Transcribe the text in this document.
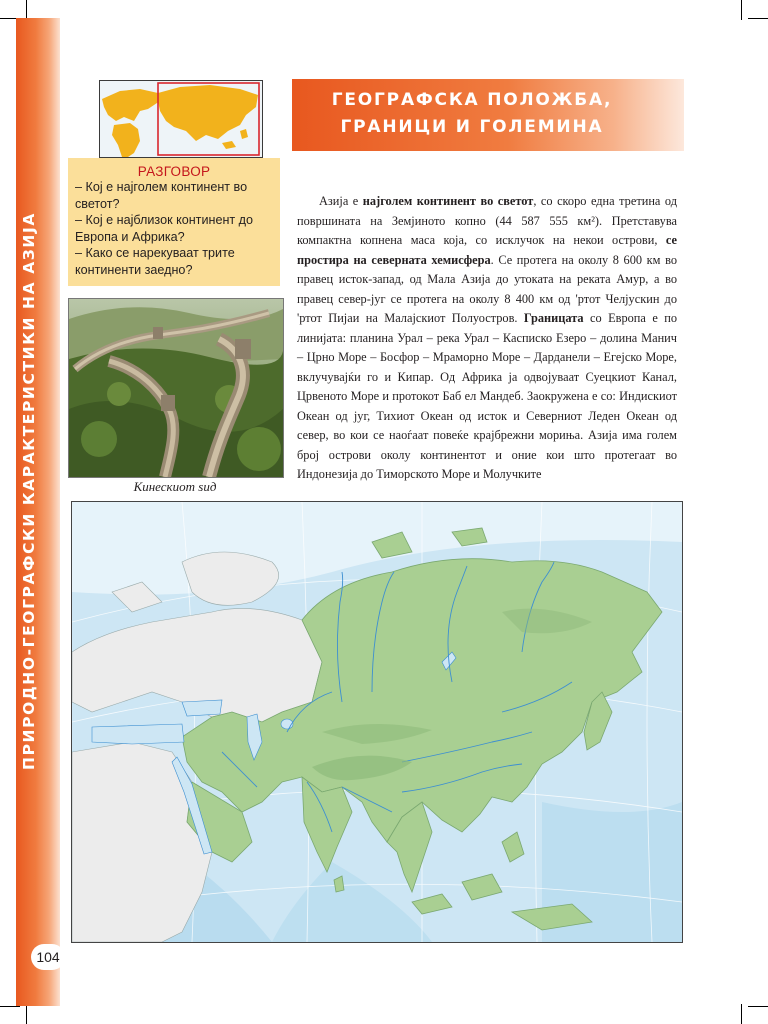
ПРИРОДНО-ГЕОГРАФСКИ КАРАКТЕРИСТИКИ НА АЗИЈА
104
ГЕОГРАФСКА ПОЛОЖБА,
ГРАНИЦИ И ГОЛЕМИНА
РАЗГОВОР
– Кој е најголем континент во светот?
– Кој е најблизок континент до Европа и Африка?
– Како се нарекуваат трите континенти заедно?
Кинескиот ѕид

Азија е најголем континент во светот, со скоро една третина од површината на Земјиното копно (44 587 555 км²). Претставува компактна копнена маса која, со исклучок на некои острови, се простира на северната хемисфера. Се протега на околу 8 600 км во правец исток-запад, од Мала Азија до утоката на реката Амур, а во правец север-југ се протега на околу 8 400 км од 'ртот Челјускин до 'ртот Пијаи на Малајскиот Полуостров. Границата со Европа е по линијата: планина Урал – река Урал – Касписко Езеро – долина Манич – Црно Море – Босфор – Мраморно Море – Дарданели – Егејско Море, вклучувајќи го и Кипар. Од Африка ја одвојуваат Суецкиот Канал, Црвеното Море и протокот Баб ел Мандеб. Заокружена е со: Индискиот Океан од југ, Тихиот Океан од исток и Северниот Леден Океан од север, во кои се наоѓаат повеќе крајбрежни мориња. Азија има голем број острови околу континентот и оние кои што протегаат во Индонезија до Тиморското Море и Молучките
